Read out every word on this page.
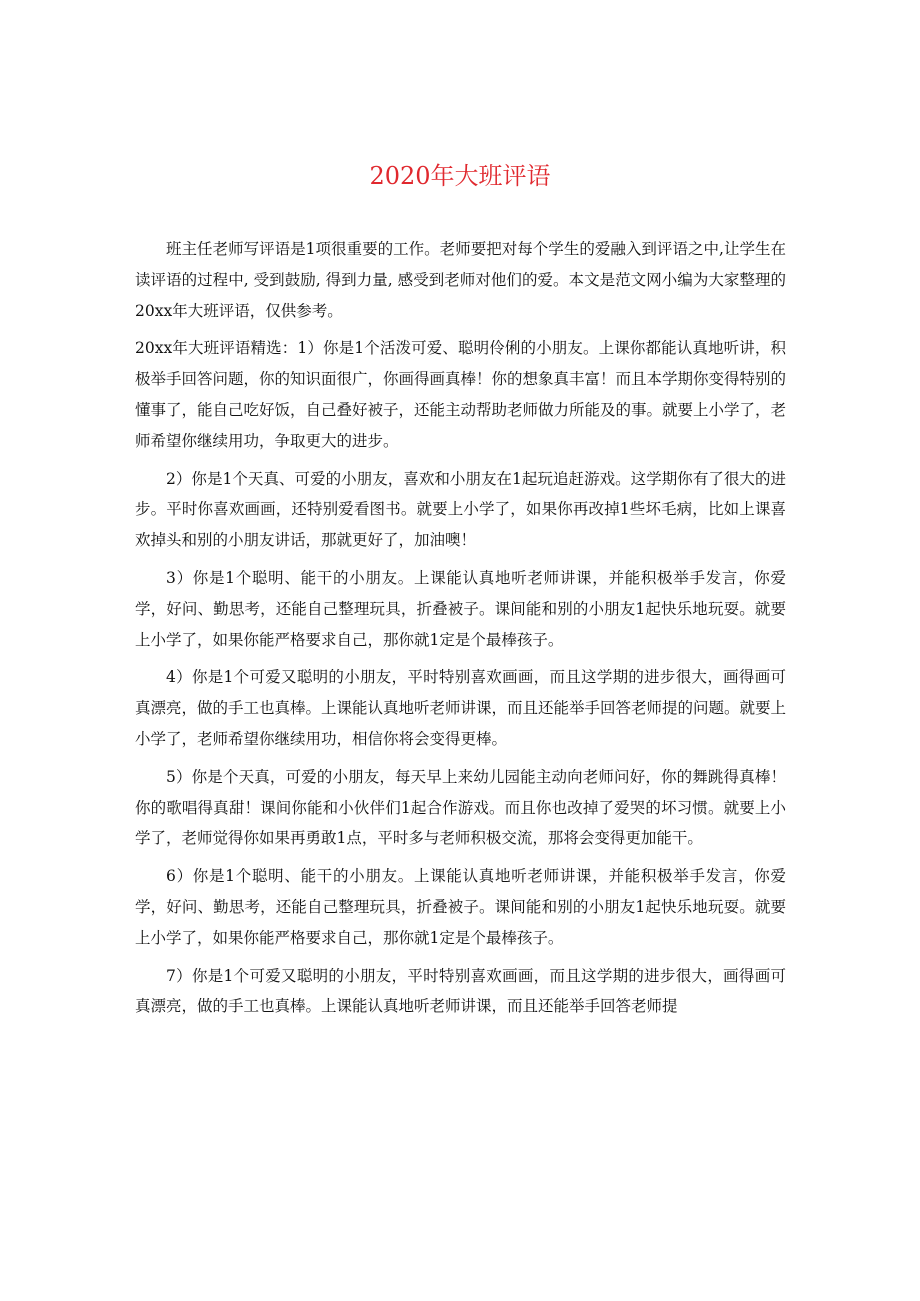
2020年大班评语

班主任老师写评语是1项很重要的工作。老师要把对每个学生的爱融入到评语之中,让学生在读评语的过程中, 受到鼓励, 得到力量, 感受到老师对他们的爱。本文是范文网小编为大家整理的20xx年大班评语，仅供参考。

20xx年大班评语精选：1）你是1个活泼可爱、聪明伶俐的小朋友。上课你都能认真地听讲，积极举手回答问题，你的知识面很广，你画得画真棒！你的想象真丰富！而且本学期你变得特别的懂事了，能自己吃好饭，自己叠好被子，还能主动帮助老师做力所能及的事。就要上小学了，老师希望你继续用功，争取更大的进步。

2）你是1个天真、可爱的小朋友，喜欢和小朋友在1起玩追赶游戏。这学期你有了很大的进步。平时你喜欢画画，还特别爱看图书。就要上小学了，如果你再改掉1些坏毛病，比如上课喜欢掉头和别的小朋友讲话，那就更好了，加油噢！

3）你是1个聪明、能干的小朋友。上课能认真地听老师讲课，并能积极举手发言，你爱学，好问、勤思考，还能自己整理玩具，折叠被子。课间能和别的小朋友1起快乐地玩耍。就要上小学了，如果你能严格要求自己，那你就1定是个最棒孩子。

4）你是1个可爱又聪明的小朋友，平时特别喜欢画画，而且这学期的进步很大，画得画可真漂亮，做的手工也真棒。上课能认真地听老师讲课，而且还能举手回答老师提的问题。就要上小学了，老师希望你继续用功，相信你将会变得更棒。

5）你是个天真，可爱的小朋友，每天早上来幼儿园能主动向老师问好，你的舞跳得真棒！你的歌唱得真甜！课间你能和小伙伴们1起合作游戏。而且你也改掉了爱哭的坏习惯。就要上小学了，老师觉得你如果再勇敢1点，平时多与老师积极交流，那将会变得更加能干。

6）你是1个聪明、能干的小朋友。上课能认真地听老师讲课，并能积极举手发言，你爱学，好问、勤思考，还能自己整理玩具，折叠被子。课间能和别的小朋友1起快乐地玩耍。就要上小学了，如果你能严格要求自己，那你就1定是个最棒孩子。

7）你是1个可爱又聪明的小朋友，平时特别喜欢画画，而且这学期的进步很大，画得画可真漂亮，做的手工也真棒。上课能认真地听老师讲课，而且还能举手回答老师提
